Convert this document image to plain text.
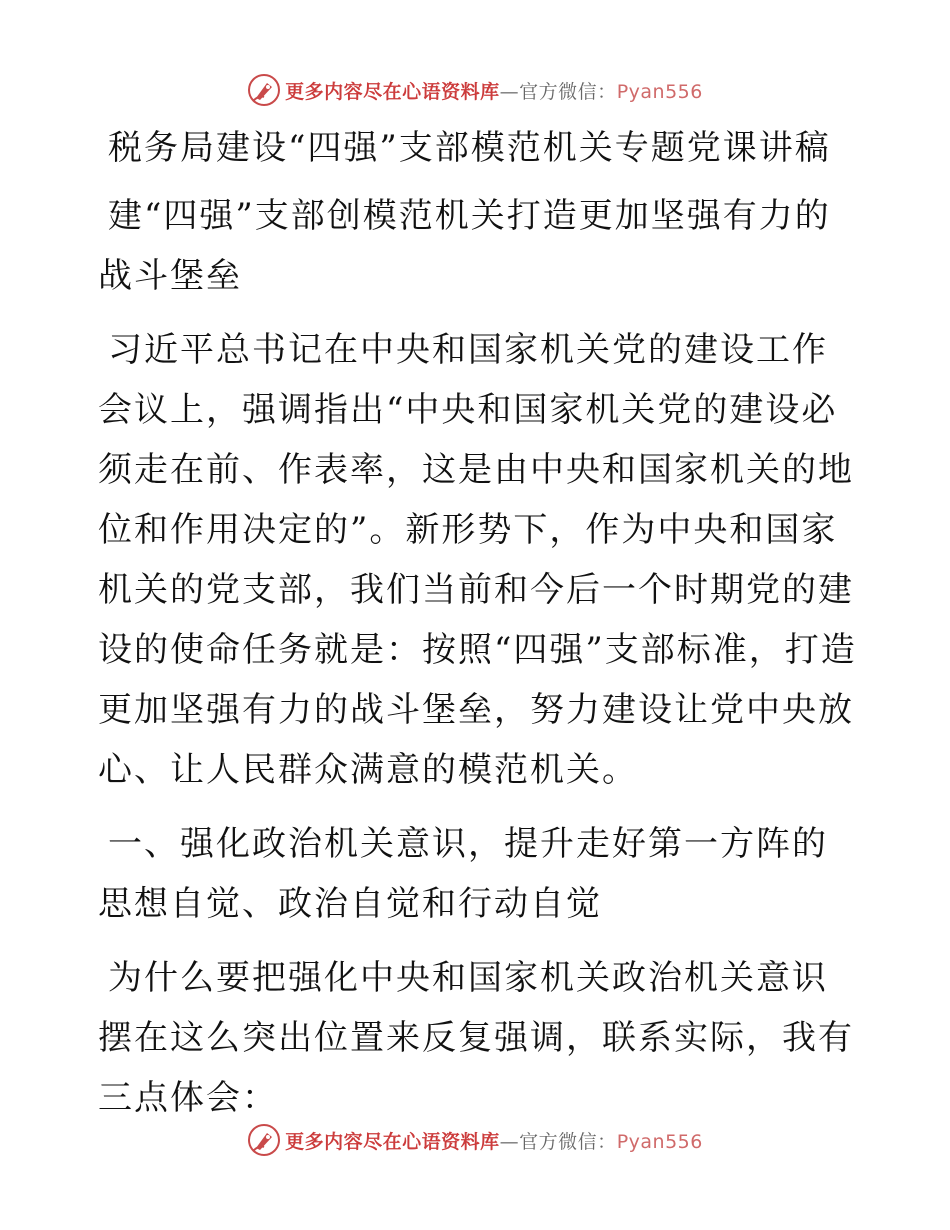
更多内容尽在心语资料库—官方微信：Pyan556

税务局建设“四强”支部模范机关专题党课讲稿

建“四强”支部创模范机关打造更加坚强有力的战斗堡垒

习近平总书记在中央和国家机关党的建设工作会议上，强调指出“中央和国家机关党的建设必须走在前、作表率，这是由中央和国家机关的地位和作用决定的”。新形势下，作为中央和国家机关的党支部，我们当前和今后一个时期党的建设的使命任务就是：按照“四强”支部标准，打造更加坚强有力的战斗堡垒，努力建设让党中央放心、让人民群众满意的模范机关。

一、强化政治机关意识，提升走好第一方阵的思想自觉、政治自觉和行动自觉

为什么要把强化中央和国家机关政治机关意识摆在这么突出位置来反复强调，联系实际，我有三点体会：

更多内容尽在心语资料库—官方微信：Pyan556
